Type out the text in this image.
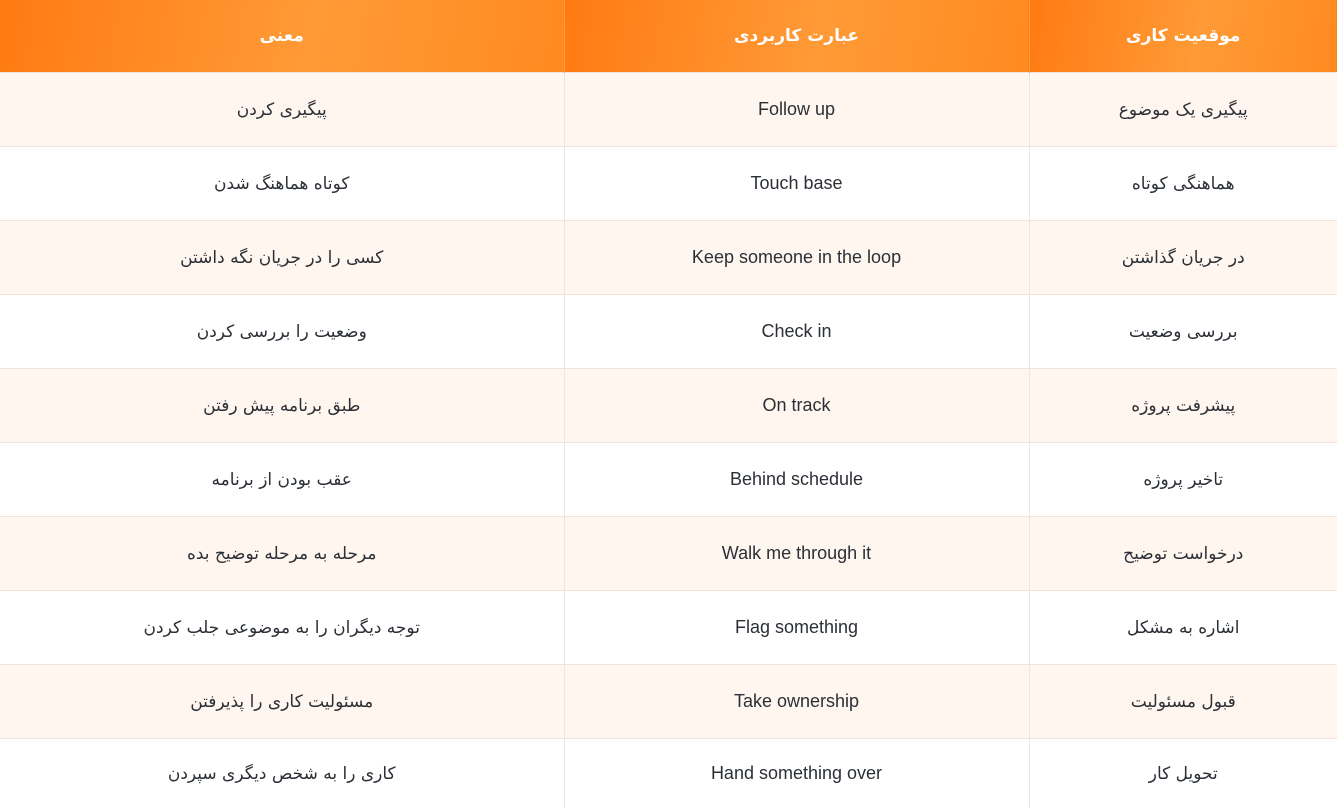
موقعیت کاری	عبارت کاربردی	معنی
پیگیری یک موضوع	Follow up	پیگیری کردن
هماهنگی کوتاه	Touch base	کوتاه هماهنگ شدن
در جریان گذاشتن	Keep someone in the loop	کسی را در جریان نگه داشتن
بررسی وضعیت	Check in	وضعیت را بررسی کردن
پیشرفت پروژه	On track	طبق برنامه پیش رفتن
تاخیر پروژه	Behind schedule	عقب بودن از برنامه
درخواست توضیح	Walk me through it	مرحله به مرحله توضیح بده
اشاره به مشکل	Flag something	توجه دیگران را به موضوعی جلب کردن
قبول مسئولیت	Take ownership	مسئولیت کاری را پذیرفتن
تحویل کار	Hand something over	کاری را به شخص دیگری سپردن
